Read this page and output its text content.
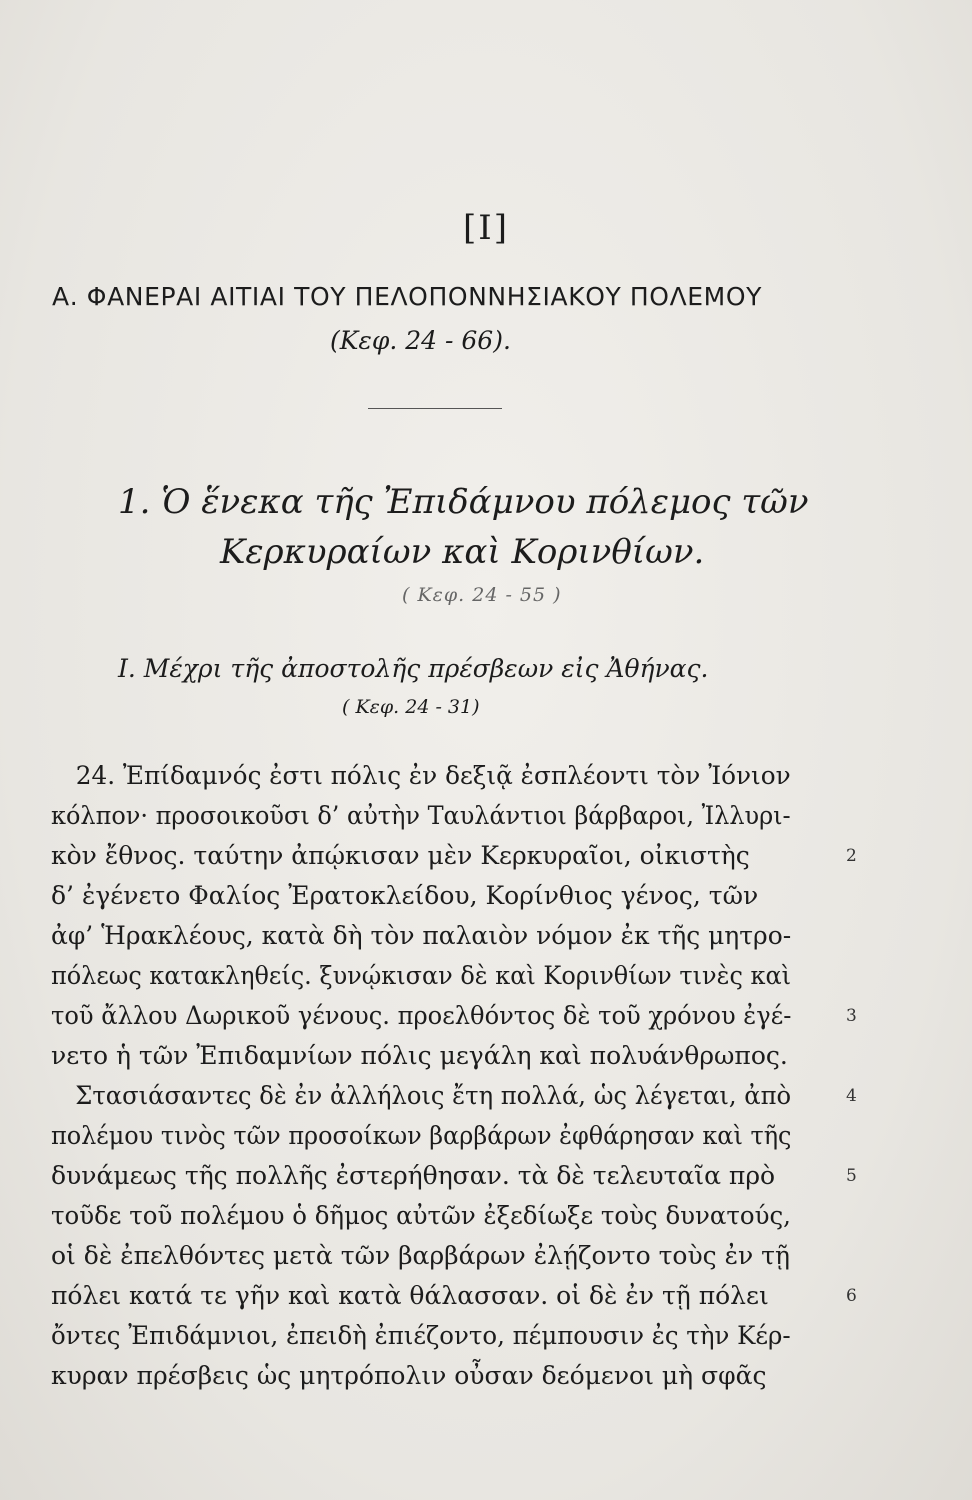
[Ι]
Α. ΦΑΝΕΡΑΙ ΑΙΤΙΑΙ ΤΟΥ ΠΕΛΟΠΟΝΝΗΣΙΑΚΟΥ ΠΟΛΕΜΟΥ
(Κεφ. 24 - 66).
1. Ὁ ἕνεκα τῆς Ἐπιδάμνου πόλεμος τῶν
Κερκυραίων καὶ Κορινθίων.
( Κεφ. 24 - 55 )
Ι. Μέχρι τῆς ἀποστολῆς πρέσβεων εἰς Ἀθήνας.
( Κεφ. 24 - 31)
24. Ἐπίδαμνός ἐστι πόλις ἐν δεξιᾷ ἐσπλέοντι τὸν Ἰόνιον
κόλπον· προσοικοῦσι δ’ αὐτὴν Ταυλάντιοι βάρβαροι, Ἰλλυρι-
κὸν ἔθνος. ταύτην ἀπῴκισαν μὲν Κερκυραῖοι, οἰκιστὴς	2
δ’ ἐγένετο Φαλίος Ἐρατοκλείδου, Κορίνθιος γένος, τῶν
ἀφ’ Ἡρακλέους, κατὰ δὴ τὸν παλαιὸν νόμον ἐκ τῆς μητρο-
πόλεως κατακληθείς. ξυνῴκισαν δὲ καὶ Κορινθίων τινὲς καὶ
τοῦ ἄλλου Δωρικοῦ γένους. προελθόντος δὲ τοῦ χρόνου ἐγέ-	3
νετο ἡ τῶν Ἐπιδαμνίων πόλις μεγάλη καὶ πολυάνθρωπος.
Στασιάσαντες δὲ ἐν ἀλλήλοις ἔτη πολλά, ὡς λέγεται, ἀπὸ	4
πολέμου τινὸς τῶν προσοίκων βαρβάρων ἐφθάρησαν καὶ τῆς
δυνάμεως τῆς πολλῆς ἐστερήθησαν. τὰ δὲ τελευταῖα πρὸ	5
τοῦδε τοῦ πολέμου ὁ δῆμος αὐτῶν ἐξεδίωξε τοὺς δυνατούς,
οἱ δὲ ἐπελθόντες μετὰ τῶν βαρβάρων ἐλῄζοντο τοὺς ἐν τῇ
πόλει κατά τε γῆν καὶ κατὰ θάλασσαν. οἱ δὲ ἐν τῇ πόλει	6
ὄντες Ἐπιδάμνιοι, ἐπειδὴ ἐπιέζοντο, πέμπουσιν ἐς τὴν Κέρ-
κυραν πρέσβεις ὡς μητρόπολιν οὖσαν δεόμενοι μὴ σφᾶς
